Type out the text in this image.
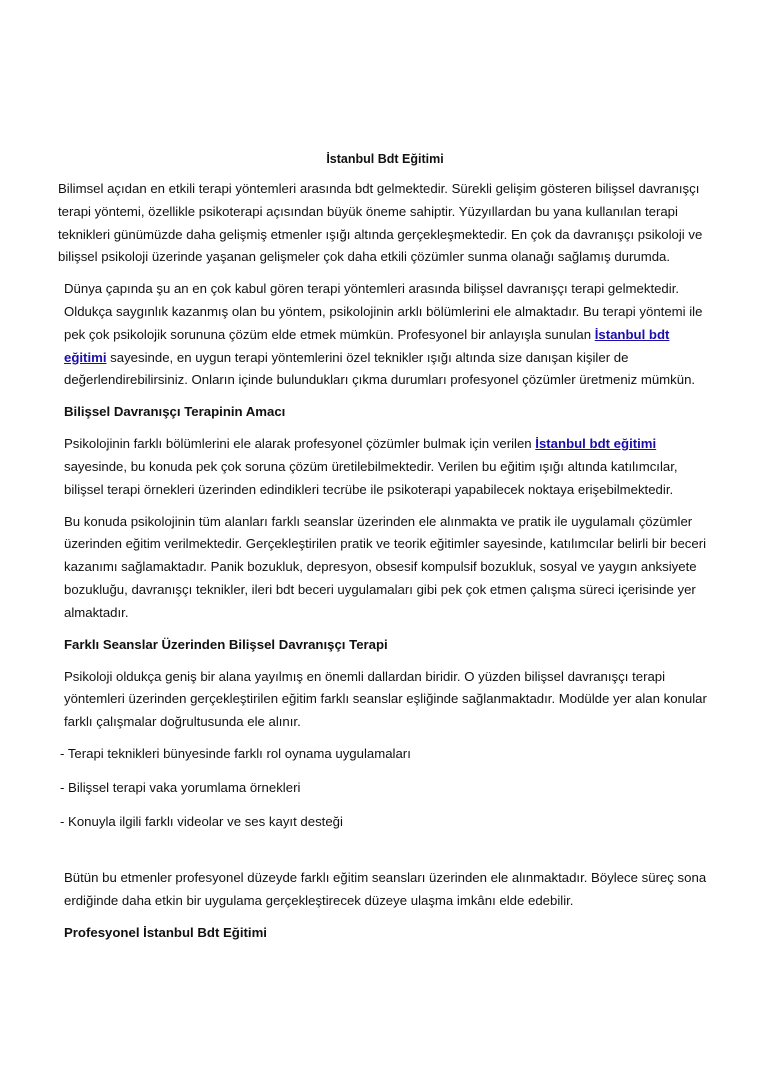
İstanbul Bdt Eğitimi

Bilimsel açıdan en etkili terapi yöntemleri arasında bdt gelmektedir. Sürekli gelişim gösteren bilişsel davranışçı terapi yöntemi, özellikle psikoterapi açısından büyük öneme sahiptir. Yüzyıllardan bu yana kullanılan terapi teknikleri günümüzde daha gelişmiş etmenler ışığı altında gerçekleşmektedir. En çok da davranışçı psikoloji ve bilişsel psikoloji üzerinde yaşanan gelişmeler çok daha etkili çözümler sunma olanağı sağlamış durumda.

Dünya çapında şu an en çok kabul gören terapi yöntemleri arasında bilişsel davranışçı terapi gelmektedir. Oldukça saygınlık kazanmış olan bu yöntem, psikolojinin arklı bölümlerini ele almaktadır. Bu terapi yöntemi ile pek çok psikolojik sorununa çözüm elde etmek mümkün. Profesyonel bir anlayışla sunulan İstanbul bdt eğitimi sayesinde, en uygun terapi yöntemlerini özel teknikler ışığı altında size danışan kişiler de değerlendirebilirsiniz. Onların içinde bulundukları çıkma durumları profesyonel çözümler üretmeniz mümkün.

Bilişsel Davranışçı Terapinin Amacı

Psikolojinin farklı bölümlerini ele alarak profesyonel çözümler bulmak için verilen İstanbul bdt eğitimi sayesinde, bu konuda pek çok soruna çözüm üretilebilmektedir. Verilen bu eğitim ışığı altında katılımcılar, bilişsel terapi örnekleri üzerinden edindikleri tecrübe ile psikoterapi yapabilecek noktaya erişebilmektedir.

Bu konuda psikolojinin tüm alanları farklı seanslar üzerinden ele alınmakta ve pratik ile uygulamalı çözümler üzerinden eğitim verilmektedir. Gerçekleştirilen pratik ve teorik eğitimler sayesinde, katılımcılar belirli bir beceri kazanımı sağlamaktadır. Panik bozukluk, depresyon, obsesif kompulsif bozukluk, sosyal ve yaygın anksiyete bozukluğu, davranışçı teknikler, ileri bdt beceri uygulamaları gibi pek çok etmen çalışma süreci içerisinde yer almaktadır.

Farklı Seanslar Üzerinden Bilişsel Davranışçı Terapi

Psikoloji oldukça geniş bir alana yayılmış en önemli dallardan biridir. O yüzden bilişsel davranışçı terapi yöntemleri üzerinden gerçekleştirilen eğitim farklı seanslar eşliğinde sağlanmaktadır. Modülde yer alan konular farklı çalışmalar doğrultusunda ele alınır.

- Terapi teknikleri bünyesinde farklı rol oynama uygulamaları
- Bilişsel terapi vaka yorumlama örnekleri
- Konuyla ilgili farklı videolar ve ses kayıt desteği

Bütün bu etmenler profesyonel düzeyde farklı eğitim seansları üzerinden ele alınmaktadır. Böylece süreç sona erdiğinde daha etkin bir uygulama gerçekleştirecek düzeye ulaşma imkânı elde edebilir.

Profesyonel İstanbul Bdt Eğitimi
